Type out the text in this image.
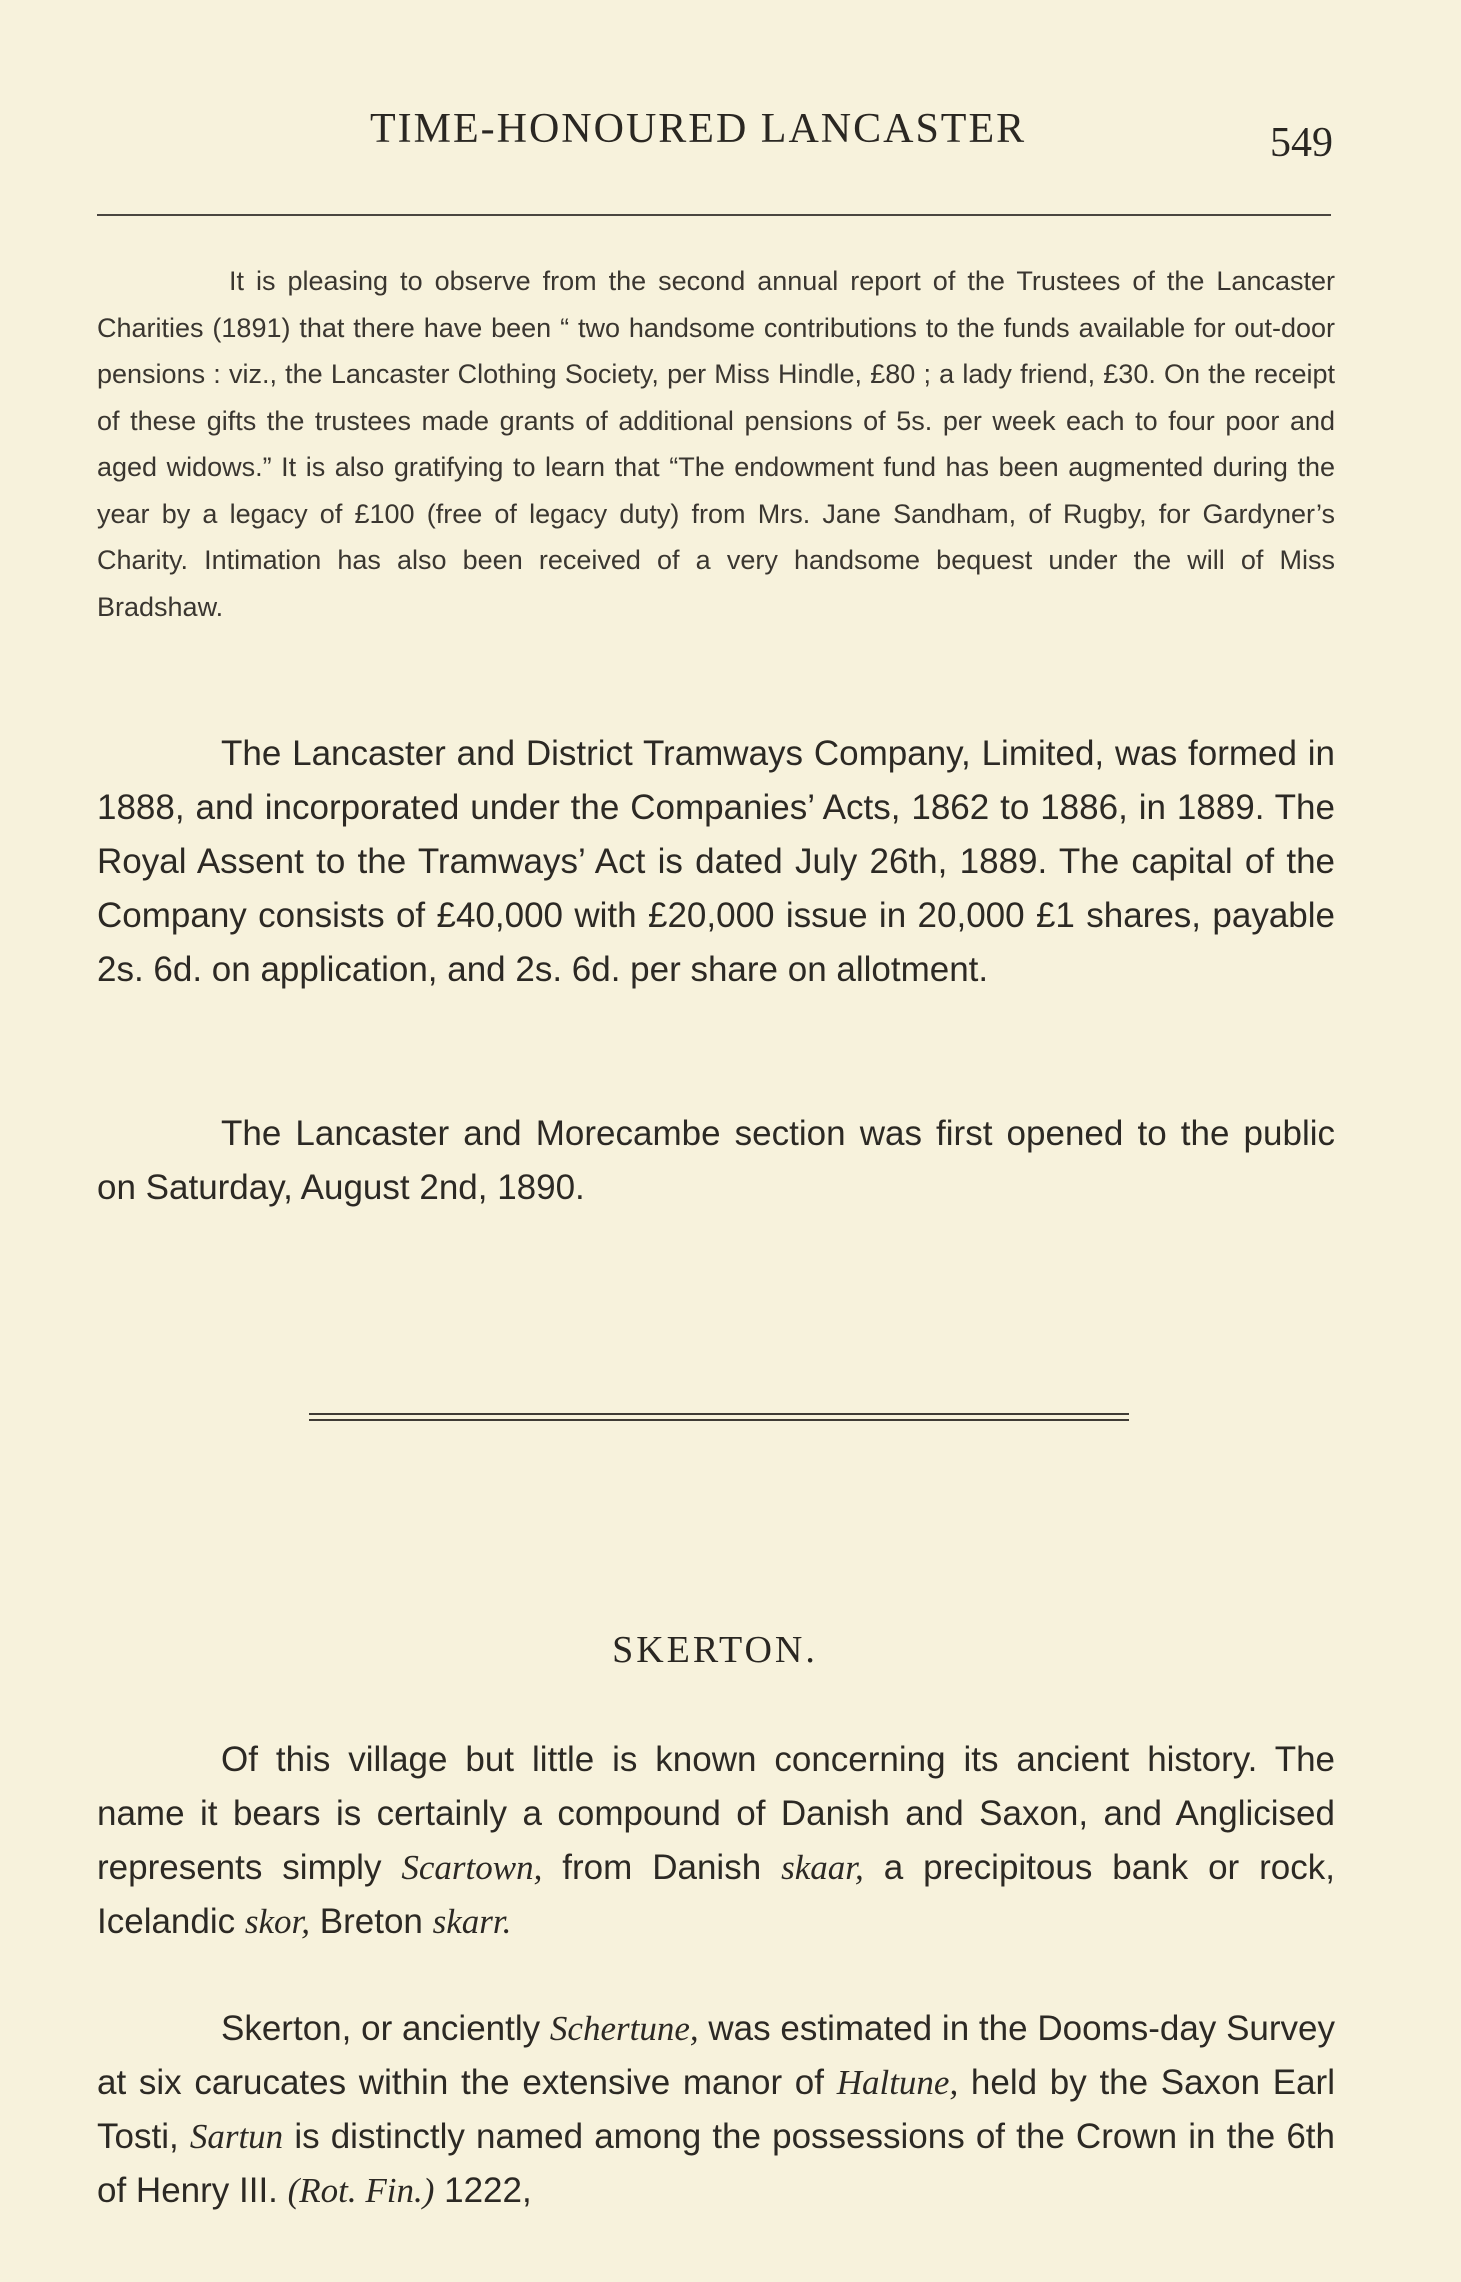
TIME-HONOURED LANCASTER	549

It is pleasing to observe from the second annual report of the Trustees of the Lancaster Charities (1891) that there have been “ two handsome contributions to the funds available for out-door pensions : viz., the Lancaster Clothing Society, per Miss Hindle, £80 ; a lady friend, £30. On the receipt of these gifts the trustees made grants of additional pensions of 5s. per week each to four poor and aged widows.” It is also gratifying to learn that “The endowment fund has been augmented during the year by a legacy of £100 (free of legacy duty) from Mrs. Jane Sandham, of Rugby, for Gardyner’s Charity. Intimation has also been received of a very handsome bequest under the will of Miss Bradshaw.

The Lancaster and District Tramways Company, Limited, was formed in 1888, and incorporated under the Companies’ Acts, 1862 to 1886, in 1889. The Royal Assent to the Tramways’ Act is dated July 26th, 1889. The capital of the Company consists of £40,000 with £20,000 issue in 20,000 £1 shares, payable 2s. 6d. on application, and 2s. 6d. per share on allotment.

The Lancaster and Morecambe section was first opened to the public on Saturday, August 2nd, 1890.

SKERTON.

Of this village but little is known concerning its ancient history. The name it bears is certainly a compound of Danish and Saxon, and Anglicised represents simply Scartown, from Danish skaar, a precipitous bank or rock, Icelandic skor, Breton skarr.

Skerton, or anciently Schertune, was estimated in the Dooms-day Survey at six carucates within the extensive manor of Haltune, held by the Saxon Earl Tosti, Sartun is distinctly named among the possessions of the Crown in the 6th of Henry III. (Rot. Fin.) 1222,
